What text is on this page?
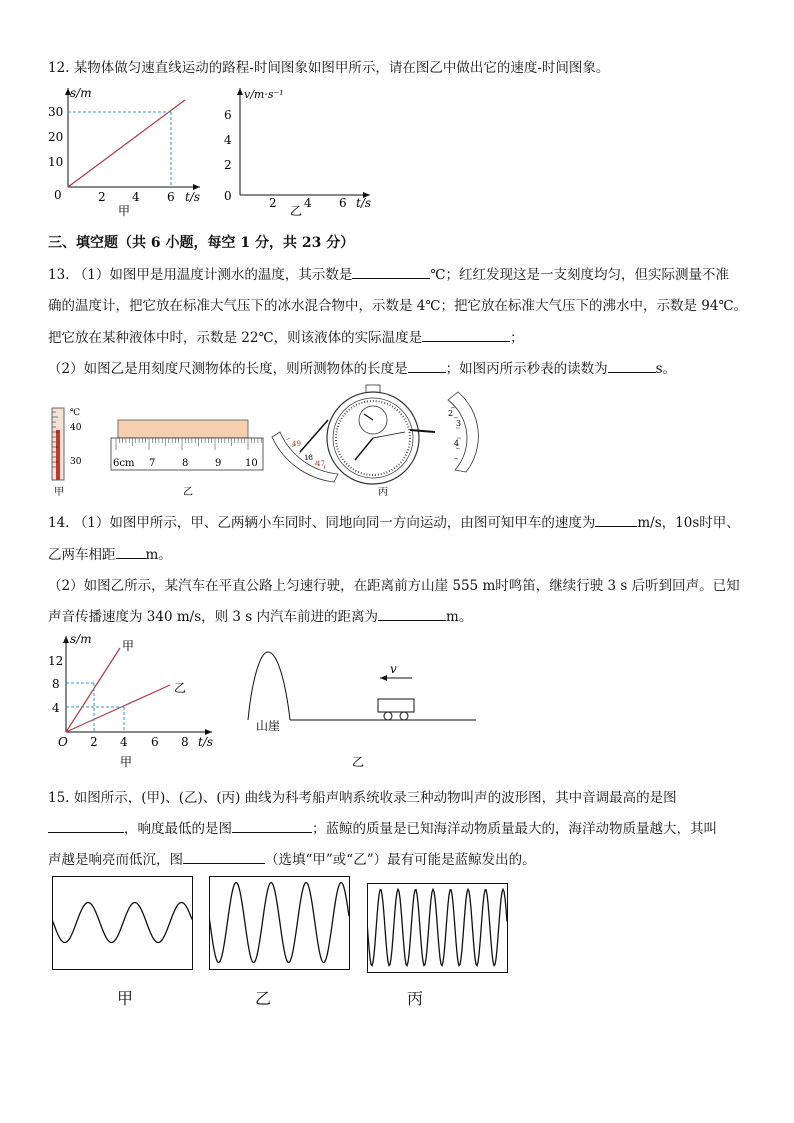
12. 某物体做匀速直线运动的路程-时间图象如图甲所示，请在图乙中做出它的速度-时间图象。
s/m
30
20
10
0	2 4 6 t/s
甲
v/m·s⁻¹
6
4
2
0	2 4 6 t/s
乙
三、填空题（共 6 小题，每空 1 分，共 23 分）
13. （1）如图甲是用温度计测水的温度，其示数是	℃；红红发现这是一支刻度均匀，但实际测量不准
确的温度计，把它放在标准大气压下的冰水混合物中，示数是 4℃；把它放在标准大气压下的沸水中，示数是 94℃。
把它放在某种液体中时，示数是 22℃，则该液体的实际温度是	；
（2）如图乙是用刻度尺测物体的长度，则所测物体的长度是	；如图丙所示秒表的读数为	s。
℃
40
30
甲
6cm 7	8	9 10
乙
49
18
47
2
3
4
丙
14. （1）如图甲所示，甲、乙两辆小车同时、同地向同一方向运动，由图可知甲车的速度为	m/s，10s时甲、
乙两车相距 m。
（2）如图乙所示，某汽车在平直公路上匀速行驶，在距离前方山崖 555 m时鸣笛，继续行驶 3 s 后听到回声。已知
声音传播速度为 340 m/s，则 3 s 内汽车前进的距离为	m。
s/m	甲
乙
12
8
4
O 2 4 6 8 t/s
甲
v
山崖
乙
15. 如图所示，(甲)、(乙)、(丙) 曲线为科考船声呐系统收录三种动物叫声的波形图，其中音调最高的是图
，响度最低的是图	；蓝鲸的质量是已知海洋动物质量最大的，海洋动物质量越大，其叫
声越是响亮而低沉，图	（选填“甲”或“乙”）最有可能是蓝鲸发出的。
甲	乙	丙
